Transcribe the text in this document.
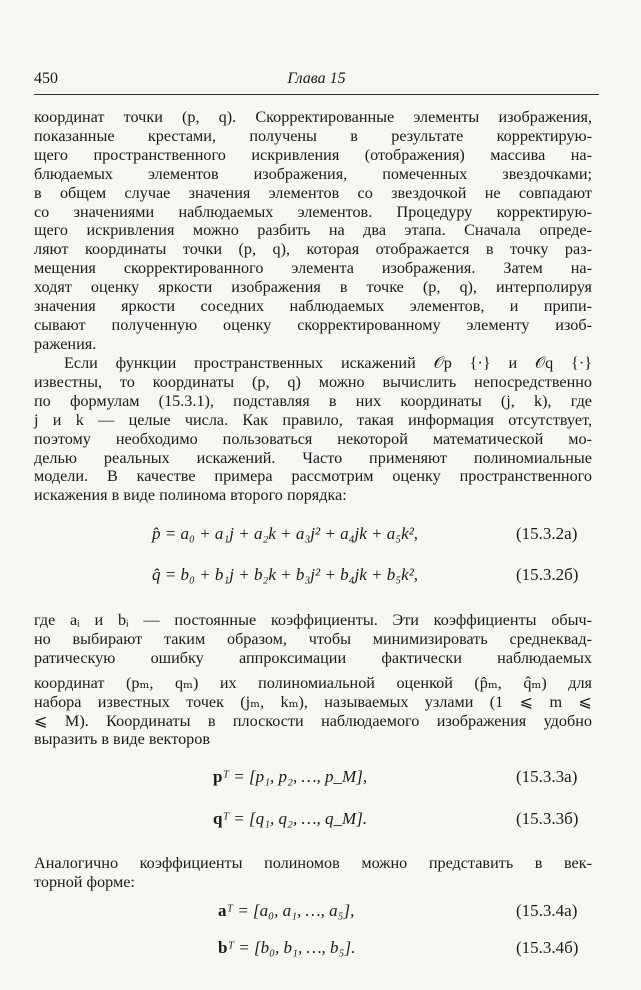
450	Глава 15
координат точки (p, q). Скорректированные элементы изображения,
показанные крестами, получены в результате корректирую-
щего пространственного искривления (отображения) массива на-
блюдаемых элементов изображения, помеченных звездочками;
в общем случае значения элементов со звездочкой не совпадают
со значениями наблюдаемых элементов. Процедуру корректирую-
щего искривления можно разбить на два этапа. Сначала опреде-
ляют координаты точки (p, q), которая отображается в точку раз-
мещения скорректированного элемента изображения. Затем на-
ходят оценку яркости изображения в точке (p, q), интерполируя
значения яркости соседних наблюдаемых элементов, и припи-
сывают полученную оценку скорректированному элементу изоб-
ражения.
Если функции пространственных искажений 𝒪p {·} и 𝒪q {·}
известны, то координаты (p, q) можно вычислить непосредственно
по формулам (15.3.1), подставляя в них координаты (j, k), где
j и k — целые числа. Как правило, такая информация отсутствует,
поэтому необходимо пользоваться некоторой математической мо-
делью реальных искажений. Часто применяют полиномиальные
модели. В качестве примера рассмотрим оценку пространственного
искажения в виде полинома второго порядка:
p̂ = a₀ + a₁j + a₂k + a₃j² + a₄jk + a₅k²,	(15.3.2а)
q̂ = b₀ + b₁j + b₂k + b₃j² + b₄jk + b₅k²,	(15.3.2б)
где aᵢ и bᵢ — постоянные коэффициенты. Эти коэффициенты обыч-
но выбирают таким образом, чтобы минимизировать среднеквад-
ратическую ошибку аппроксимации фактически наблюдаемых
координат (pₘ, qₘ) их полиномиальной оценкой (p̂ₘ, q̂ₘ) для
набора известных точек (jₘ, kₘ), называемых узлами (1 ⩽ m ⩽
⩽ M). Координаты в плоскости наблюдаемого изображения удобно
выразить в виде векторов
pᵀ = [p₁, p₂, …, p_M],	(15.3.3а)
qᵀ = [q₁, q₂, …, q_M].	(15.3.3б)
Аналогично коэффициенты полиномов можно представить в век-
торной форме:
aᵀ = [a₀, a₁, …, a₅],	(15.3.4а)
bᵀ = [b₀, b₁, …, b₅].	(15.3.4б)
